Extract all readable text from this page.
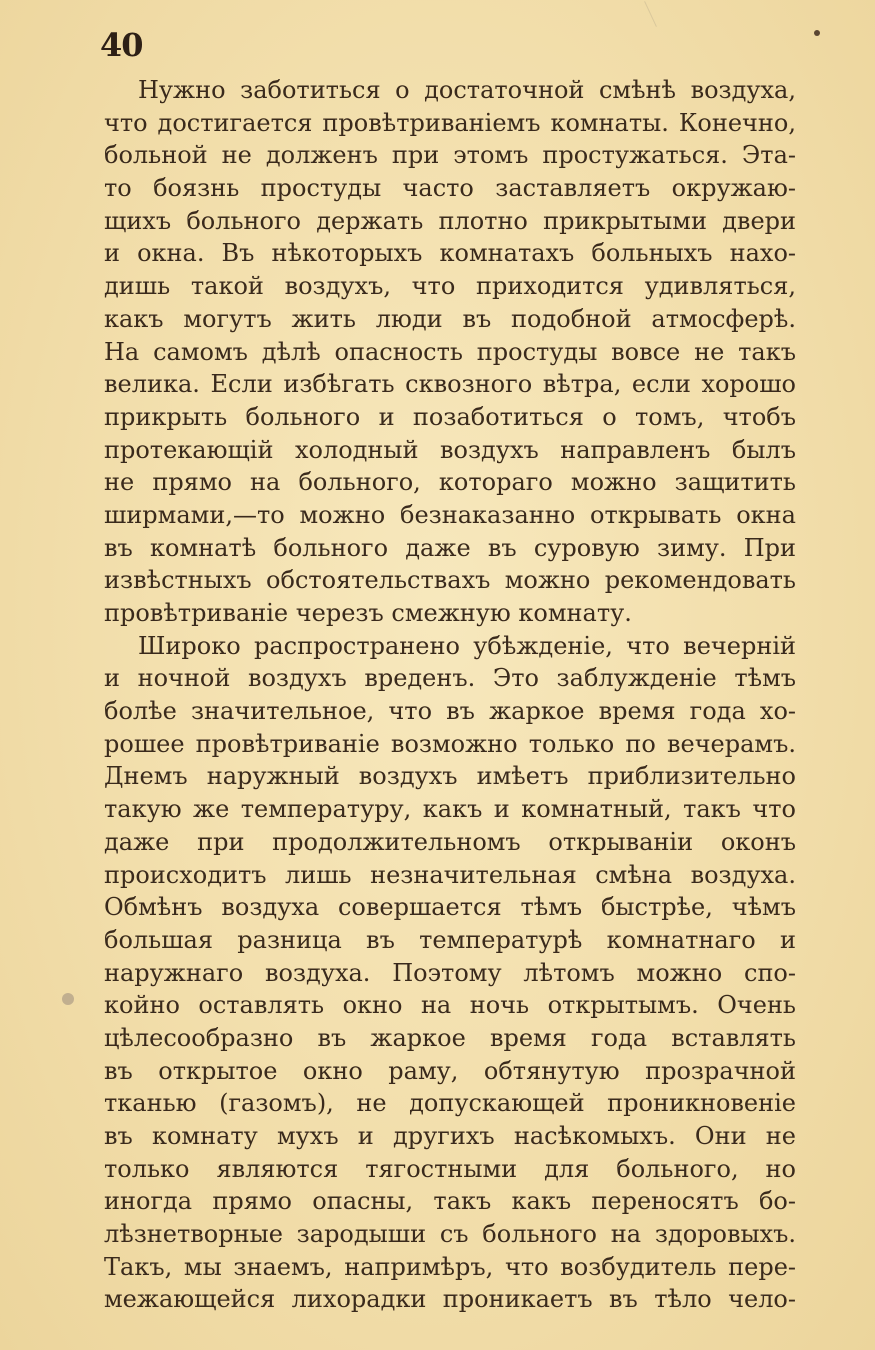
40
Нужно заботиться о достаточной смѣнѣ воздуха,
что достигается провѣтриваніемъ комнаты. Конечно,
больной не долженъ при этомъ простужаться. Эта-
то боязнь простуды часто заставляетъ окружаю-
щихъ больного держать плотно прикрытыми двери
и окна. Въ нѣкоторыхъ комнатахъ больныхъ нахо-
дишь такой воздухъ, что приходится удивляться,
какъ могутъ жить люди въ подобной атмосферѣ.
На самомъ дѣлѣ опасность простуды вовсе не такъ
велика. Если избѣгать сквозного вѣтра, если хорошо
прикрыть больного и позаботиться о томъ, чтобъ
протекающій холодный воздухъ направленъ былъ
не прямо на больного, котораго можно защитить
ширмами,—то можно безнаказанно открывать окна
въ комнатѣ больного даже въ суровую зиму. При
извѣстныхъ обстоятельствахъ можно рекомендовать
провѣтриваніе черезъ смежную комнату.
Широко распространено убѣжденіе, что вечерній
и ночной воздухъ вреденъ. Это заблужденіе тѣмъ
болѣе значительное, что въ жаркое время года хо-
рошее провѣтриваніе возможно только по вечерамъ.
Днемъ наружный воздухъ имѣетъ приблизительно
такую же температуру, какъ и комнатный, такъ что
даже при продолжительномъ открываніи оконъ
происходитъ лишь незначительная смѣна воздуха.
Обмѣнъ воздуха совершается тѣмъ быстрѣе, чѣмъ
большая разница въ температурѣ комнатнаго и
наружнаго воздуха. Поэтому лѣтомъ можно спо-
койно оставлять окно на ночь открытымъ. Очень
цѣлесообразно въ жаркое время года вставлять
въ открытое окно раму, обтянутую прозрачной
тканью (газомъ), не допускающей проникновеніе
въ комнату мухъ и другихъ насѣкомыхъ. Они не
только являются тягостными для больного, но
иногда прямо опасны, такъ какъ переносятъ бо-
лѣзнетворные зародыши съ больного на здоровыхъ.
Такъ, мы знаемъ, напримѣръ, что возбудитель пере-
межающейся лихорадки проникаетъ въ тѣло чело-
